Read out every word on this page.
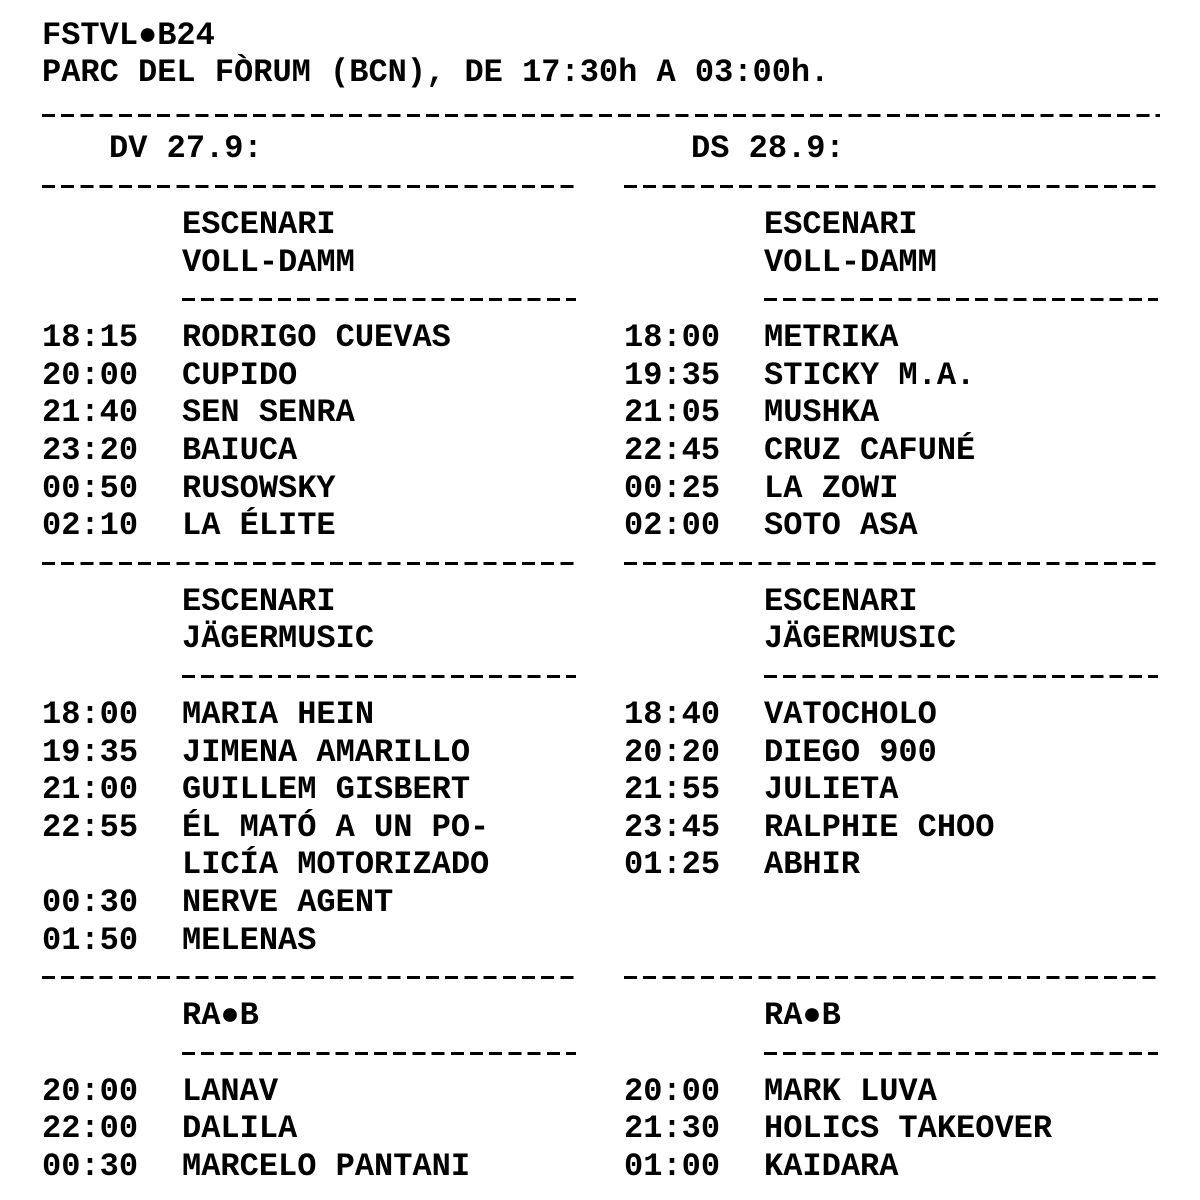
FSTVL●B24
PARC DEL FÒRUM (BCN), DE 17:30h A 03:00h.
DV 27.9:
ESCENARI
VOLL-DAMM
18:15	RODRIGO CUEVAS
20:00	CUPIDO
21:40	SEN SENRA
23:20	BAIUCA
00:50	RUSOWSKY
02:10	LA ÉLITE
ESCENARI
JÄGERMUSIC
18:00	MARIA HEIN
19:35	JIMENA AMARILLO
21:00	GUILLEM GISBERT
22:55	ÉL MATÓ A UN PO-
LICÍA MOTORIZADO
00:30	NERVE AGENT
01:50	MELENAS
RA●B
20:00	LANAV
22:00	DALILA
00:30	MARCELO PANTANI
DS 28.9:
ESCENARI
VOLL-DAMM
18:00	METRIKA
19:35	STICKY M.A.
21:05	MUSHKA
22:45	CRUZ CAFUNÉ
00:25	LA ZOWI
02:00	SOTO ASA
ESCENARI
JÄGERMUSIC
18:40	VATOCHOLO
20:20	DIEGO 900
21:55	JULIETA
23:45	RALPHIE CHOO
01:25	ABHIR
RA●B
20:00	MARK LUVA
21:30	HOLICS TAKEOVER
01:00	KAIDARA
